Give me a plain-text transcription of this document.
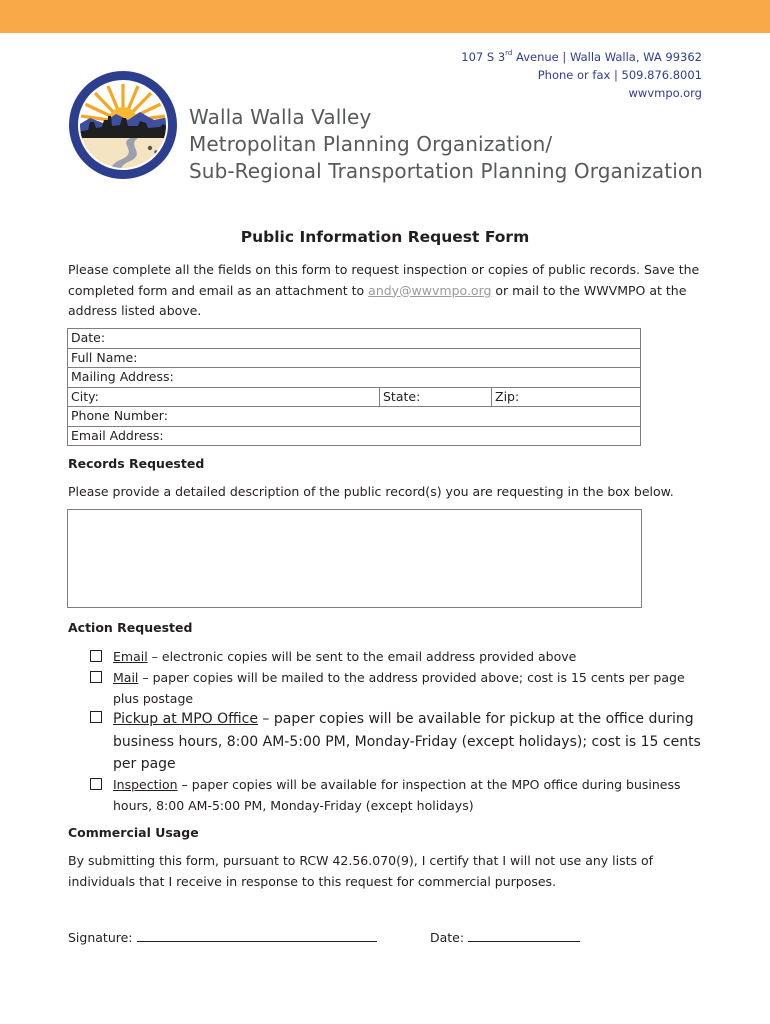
107 S 3rd Avenue | Walla Walla, WA 99362
Phone or fax | 509.876.8001
wwvmpo.org
Walla Walla Valley
Metropolitan Planning Organization/
Sub-Regional Transportation Planning Organization
Public Information Request Form
Please complete all the fields on this form to request inspection or copies of public records. Save the completed form and email as an attachment to andy@wwvmpo.org or mail to the WWVMPO at the address listed above.
Date:
Full Name:
Mailing Address:
City:	State:	Zip:
Phone Number:
Email Address:
Records Requested
Please provide a detailed description of the public record(s) you are requesting in the box below.
Action Requested
Email – electronic copies will be sent to the email address provided above
Mail – paper copies will be mailed to the address provided above; cost is 15 cents per page plus postage
Pickup at MPO Office – paper copies will be available for pickup at the office during business hours, 8:00 AM-5:00 PM, Monday-Friday (except holidays); cost is 15 cents per page
Inspection – paper copies will be available for inspection at the MPO office during business hours, 8:00 AM-5:00 PM, Monday-Friday (except holidays)
Commercial Usage
By submitting this form, pursuant to RCW 42.56.070(9), I certify that I will not use any lists of individuals that I receive in response to this request for commercial purposes.
Signature:	Date:
